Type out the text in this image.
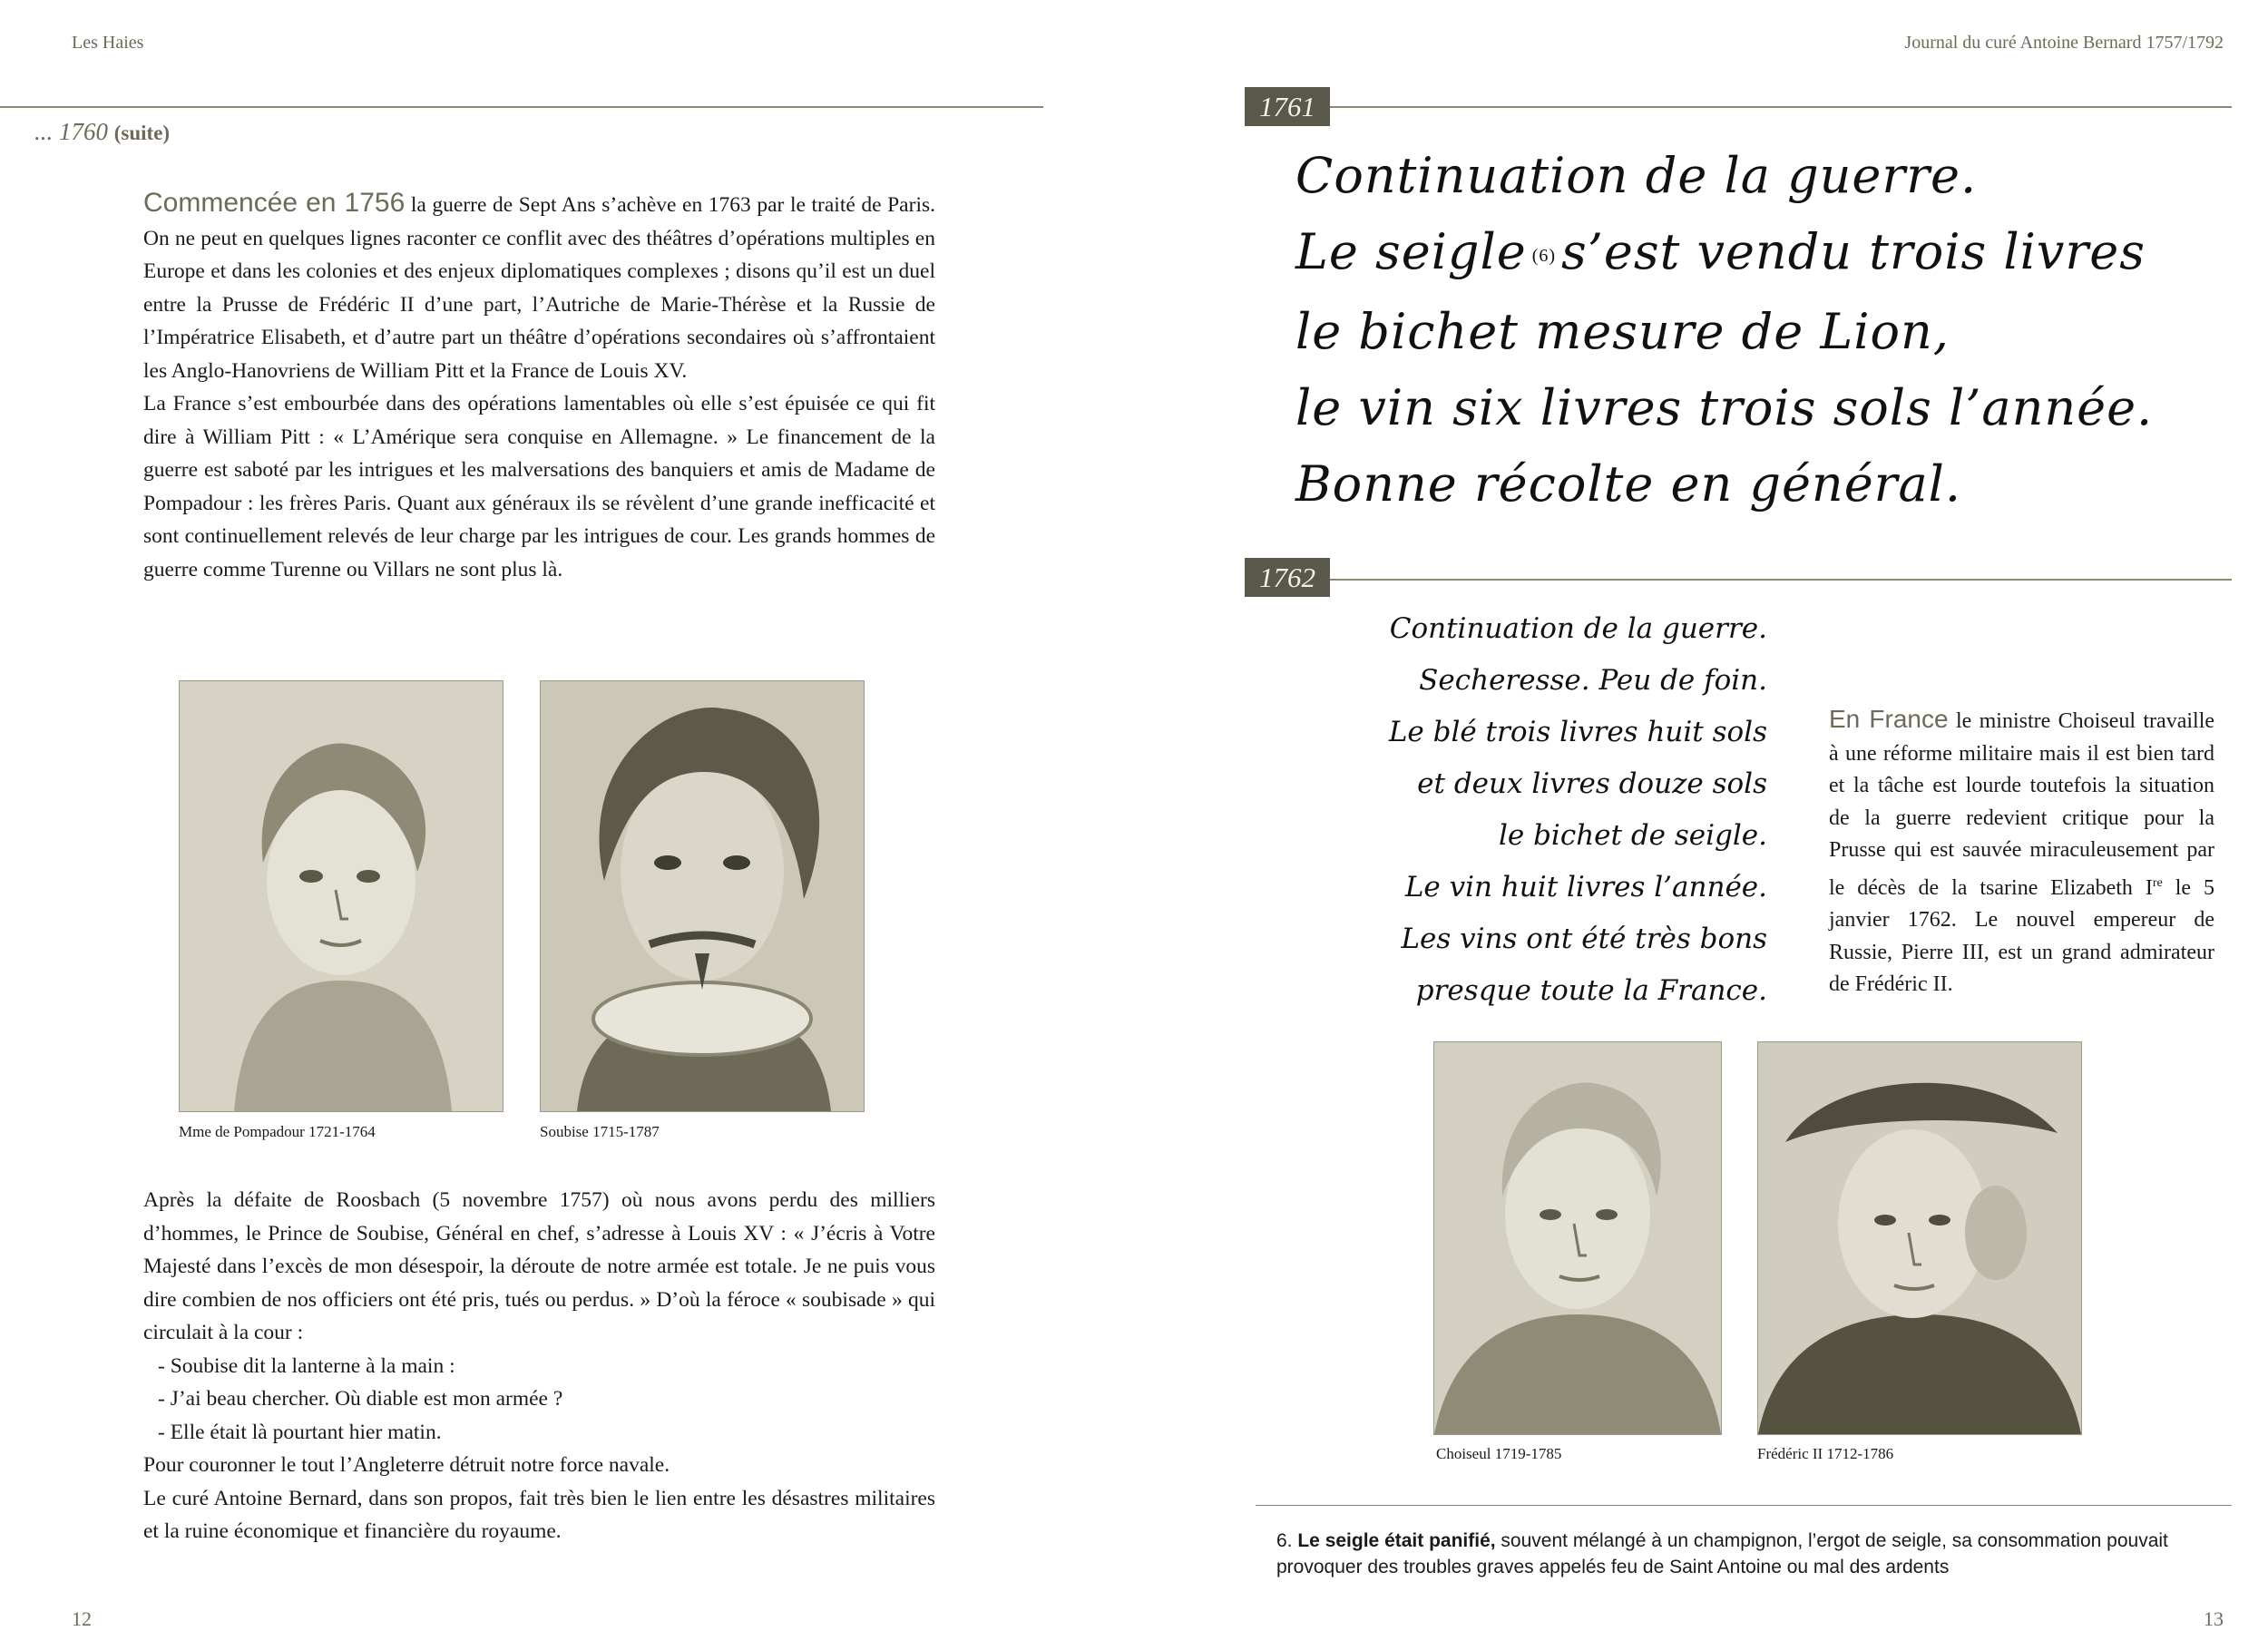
Les Haies
... 1760 (suite)
Commencée en 1756 la guerre de Sept Ans s’achève en 1763 par le traité de Paris. On ne peut en quelques lignes raconter ce conflit avec des théâtres d’opérations multiples en Europe et dans les colonies et des enjeux diplomatiques complexes ; disons qu’il est un duel entre la Prusse de Frédéric II d’une part, l’Autriche de Marie-Thérèse et la Russie de l’Impératrice Elisabeth, et d’autre part un théâtre d’opérations secondaires où s’affrontaient les Anglo-Hanovriens de William Pitt et la France de Louis XV.
La France s’est embourbée dans des opérations lamentables où elle s’est épuisée ce qui fit dire à William Pitt : « L’Amérique sera conquise en Allemagne. » Le financement de la guerre est saboté par les intrigues et les malversations des banquiers et amis de Madame de Pompadour : les frères Paris. Quant aux généraux ils se révèlent d’une grande inefficacité et sont continuellement relevés de leur charge par les intrigues de cour. Les grands hommes de guerre comme Turenne ou Villars ne sont plus là.
Mme de Pompadour 1721-1764	Soubise 1715-1787
Après la défaite de Roosbach (5 novembre 1757) où nous avons perdu des milliers d’hommes, le Prince de Soubise, Général en chef, s’adresse à Louis XV : « J’écris à Votre Majesté dans l’excès de mon désespoir, la déroute de notre armée est totale. Je ne puis vous dire combien de nos officiers ont été pris, tués ou perdus. » D’où la féroce « soubisade » qui circulait à la cour :
- Soubise dit la lanterne à la main :
- J’ai beau chercher. Où diable est mon armée ?
- Elle était là pourtant hier matin.
Pour couronner le tout l’Angleterre détruit notre force navale.
Le curé Antoine Bernard, dans son propos, fait très bien le lien entre les désastres militaires et la ruine économique et financière du royaume.
12
Journal du curé Antoine Bernard 1757/1792
1761
Continuation de la guerre.
Le seigle (6) s’est vendu trois livres
le bichet mesure de Lion,
le vin six livres trois sols l’année.
Bonne récolte en général.
1762
Continuation de la guerre.
Secheresse. Peu de foin.
Le blé trois livres huit sols
et deux livres douze sols
le bichet de seigle.
Le vin huit livres l’année.
Les vins ont été très bons
presque toute la France.
En France le ministre Choiseul travaille à une réforme militaire mais il est bien tard et la tâche est lourde toutefois la situation de la guerre redevient critique pour la Prusse qui est sauvée miraculeusement par le décès de la tsarine Elizabeth Ire le 5 janvier 1762. Le nouvel empereur de Russie, Pierre III, est un grand admirateur de Frédéric II.
Choiseul 1719-1785	Frédéric II 1712-1786
6. Le seigle était panifié, souvent mélangé à un champignon, l’ergot de seigle, sa consommation pouvait provoquer des troubles graves appelés feu de Saint Antoine ou mal des ardents
13
